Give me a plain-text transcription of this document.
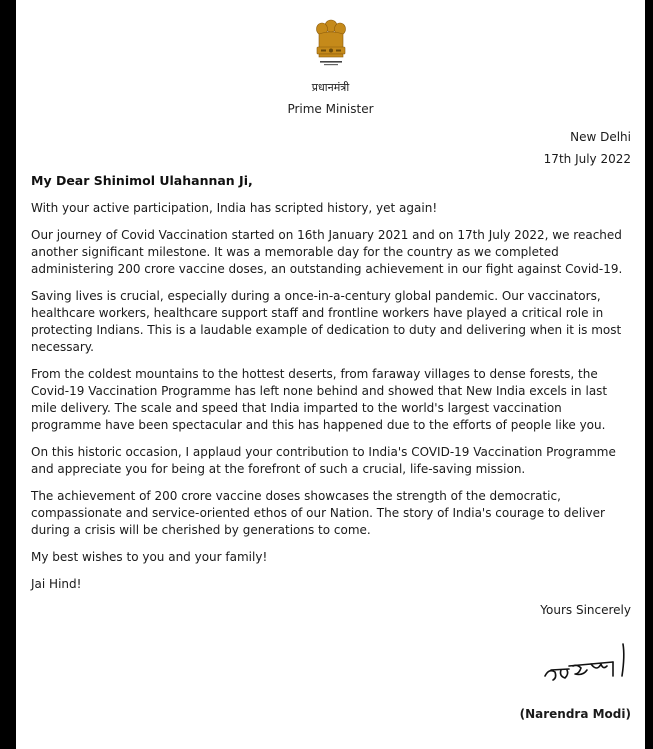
प्रधानमंत्री
Prime Minister
New Delhi
17th July 2022
My Dear Shinimol Ulahannan Ji,

With your active participation, India has scripted history, yet again!

Our journey of Covid Vaccination started on 16th January 2021 and on 17th July 2022, we reached another significant milestone. It was a memorable day for the country as we completed administering 200 crore vaccine doses, an outstanding achievement in our fight against Covid-19.

Saving lives is crucial, especially during a once-in-a-century global pandemic. Our vaccinators, healthcare workers, healthcare support staff and frontline workers have played a critical role in protecting Indians. This is a laudable example of dedication to duty and delivering when it is most necessary.

From the coldest mountains to the hottest deserts, from faraway villages to dense forests, the Covid-19 Vaccination Programme has left none behind and showed that New India excels in last mile delivery. The scale and speed that India imparted to the world's largest vaccination programme have been spectacular and this has happened due to the efforts of people like you.

On this historic occasion, I applaud your contribution to India's COVID-19 Vaccination Programme and appreciate you for being at the forefront of such a crucial, life-saving mission.

The achievement of 200 crore vaccine doses showcases the strength of the democratic, compassionate and service-oriented ethos of our Nation. The story of India's courage to deliver during a crisis will be cherished by generations to come.

My best wishes to you and your family!

Jai Hind!

Yours Sincerely
(Narendra Modi)
